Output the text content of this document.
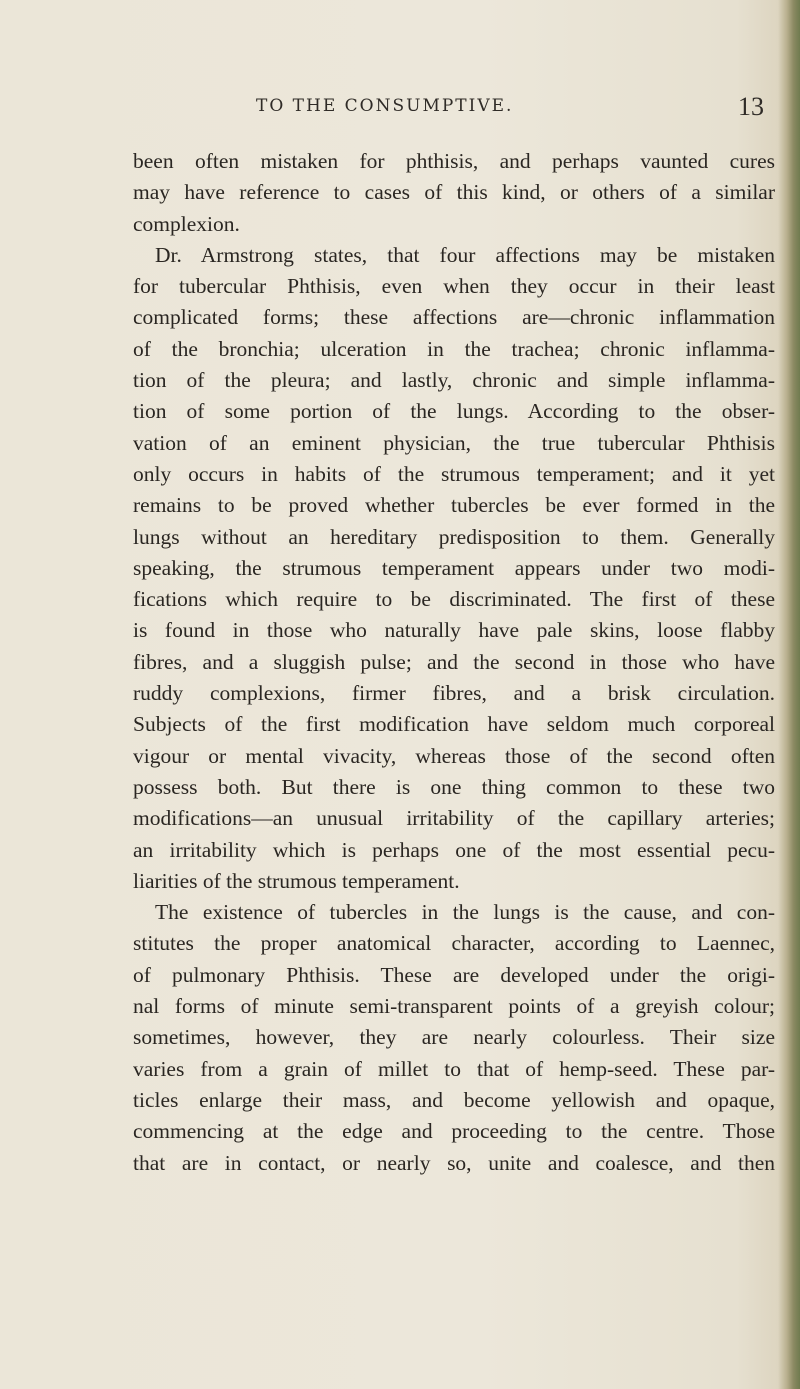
TO THE CONSUMPTIVE.	13
been often mistaken for phthisis, and perhaps vaunted cures
may have reference to cases of this kind, or others of a similar
complexion.
Dr. Armstrong states, that four affections may be mistaken
for tubercular Phthisis, even when they occur in their least
complicated forms; these affections are—chronic inflammation
of the bronchia; ulceration in the trachea; chronic inflamma-
tion of the pleura; and lastly, chronic and simple inflamma-
tion of some portion of the lungs. According to the obser-
vation of an eminent physician, the true tubercular Phthisis
only occurs in habits of the strumous temperament; and it yet
remains to be proved whether tubercles be ever formed in the
lungs without an hereditary predisposition to them. Generally
speaking, the strumous temperament appears under two modi-
fications which require to be discriminated. The first of these
is found in those who naturally have pale skins, loose flabby
fibres, and a sluggish pulse; and the second in those who have
ruddy complexions, firmer fibres, and a brisk circulation.
Subjects of the first modification have seldom much corporeal
vigour or mental vivacity, whereas those of the second often
possess both. But there is one thing common to these two
modifications—an unusual irritability of the capillary arteries;
an irritability which is perhaps one of the most essential pecu-
liarities of the strumous temperament.
The existence of tubercles in the lungs is the cause, and con-
stitutes the proper anatomical character, according to Laennec,
of pulmonary Phthisis. These are developed under the origi-
nal forms of minute semi-transparent points of a greyish colour;
sometimes, however, they are nearly colourless. Their size
varies from a grain of millet to that of hemp-seed. These par-
ticles enlarge their mass, and become yellowish and opaque,
commencing at the edge and proceeding to the centre. Those
that are in contact, or nearly so, unite and coalesce, and then
